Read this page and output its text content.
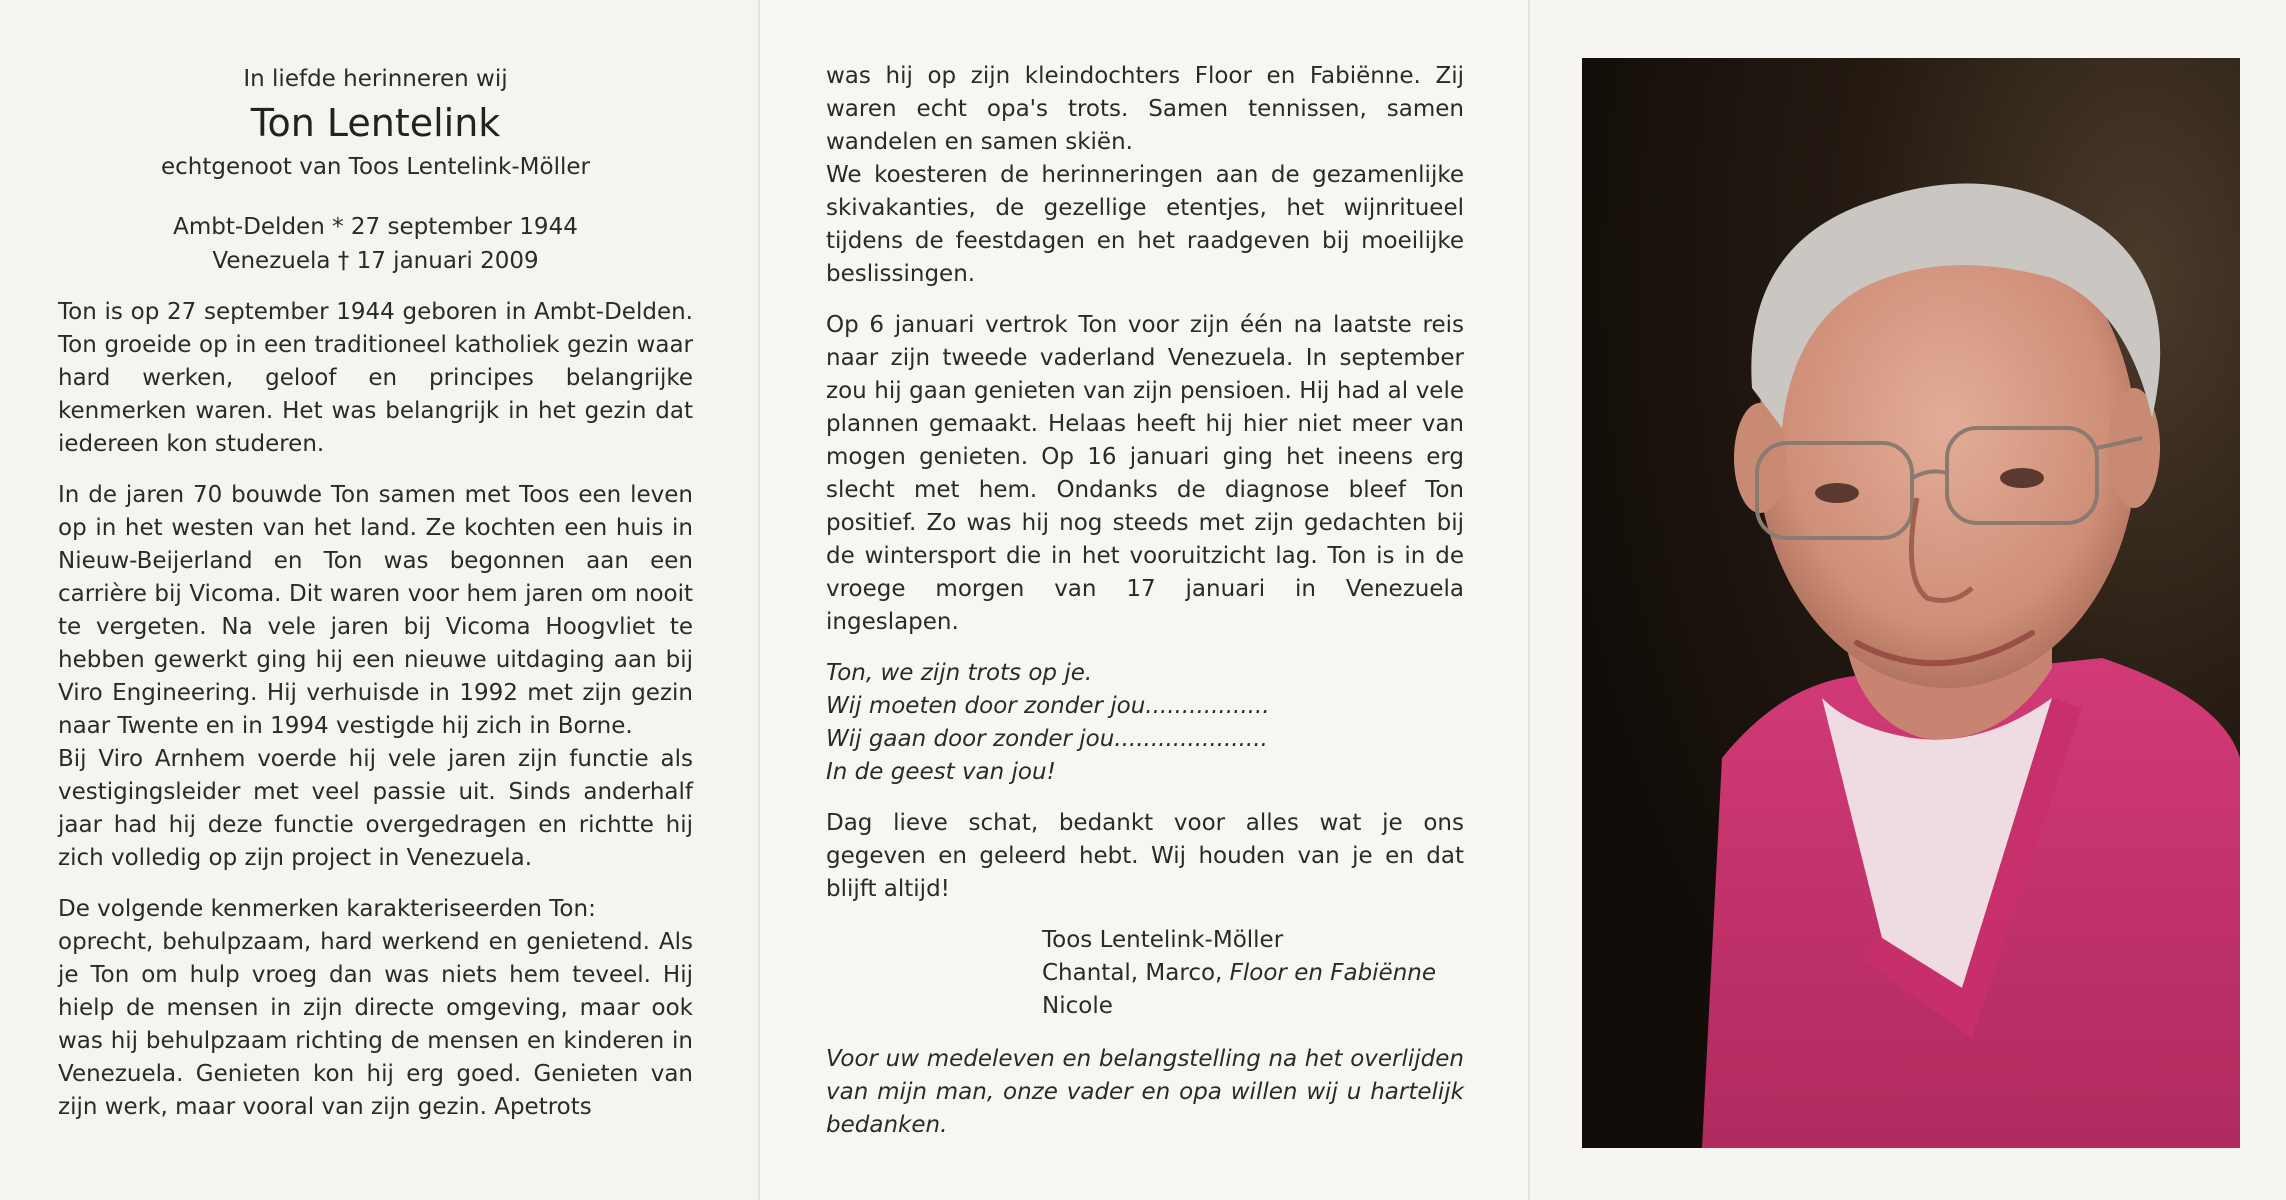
In liefde herinneren wij
Ton Lentelink
echtgenoot van Toos Lentelink-Möller
Ambt-Delden * 27 september 1944
Venezuela † 17 januari 2009

Ton is op 27 september 1944 geboren in Ambt-Delden. Ton groeide op in een traditioneel katholiek gezin waar hard werken, geloof en principes belangrijke kenmerken waren. Het was belangrijk in het gezin dat iedereen kon studeren.

In de jaren 70 bouwde Ton samen met Toos een leven op in het westen van het land. Ze kochten een huis in Nieuw-Beijerland en Ton was begonnen aan een carrière bij Vicoma. Dit waren voor hem jaren om nooit te vergeten. Na vele jaren bij Vicoma Hoogvliet te hebben gewerkt ging hij een nieuwe uitdaging aan bij Viro Engineering. Hij verhuisde in 1992 met zijn gezin naar Twente en in 1994 vestigde hij zich in Borne.

Bij Viro Arnhem voerde hij vele jaren zijn functie als vestigingsleider met veel passie uit. Sinds anderhalf jaar had hij deze functie overgedragen en richtte hij zich volledig op zijn project in Venezuela.

De volgende kenmerken karakteriseerden Ton:

oprecht, behulpzaam, hard werkend en genietend. Als je Ton om hulp vroeg dan was niets hem teveel. Hij hielp de mensen in zijn directe omgeving, maar ook was hij behulpzaam richting de mensen en kinderen in Venezuela. Genieten kon hij erg goed. Genieten van zijn werk, maar vooral van zijn gezin. Apetrots

was hij op zijn kleindochters Floor en Fabiënne. Zij waren echt opa's trots. Samen tennissen, samen wandelen en samen skiën.

We koesteren de herinneringen aan de gezamenlijke skivakanties, de gezellige etentjes, het wijnritueel tijdens de feestdagen en het raadgeven bij moeilijke beslissingen.

Op 6 januari vertrok Ton voor zijn één na laatste reis naar zijn tweede vaderland Venezuela. In september zou hij gaan genieten van zijn pensioen. Hij had al vele plannen gemaakt. Helaas heeft hij hier niet meer van mogen genieten. Op 16 januari ging het ineens erg slecht met hem. Ondanks de diagnose bleef Ton positief. Zo was hij nog steeds met zijn gedachten bij de wintersport die in het vooruitzicht lag. Ton is in de vroege morgen van 17 januari in Venezuela ingeslapen.

Ton, we zijn trots op je.
Wij moeten door zonder jou.................
Wij gaan door zonder jou.....................
In de geest van jou!

Dag lieve schat, bedankt voor alles wat je ons gegeven en geleerd hebt. Wij houden van je en dat blijft altijd!

Toos Lentelink-Möller
Chantal, Marco, Floor en Fabiënne
Nicole

Voor uw medeleven en belangstelling na het overlijden van mijn man, onze vader en opa willen wij u hartelijk bedanken.
